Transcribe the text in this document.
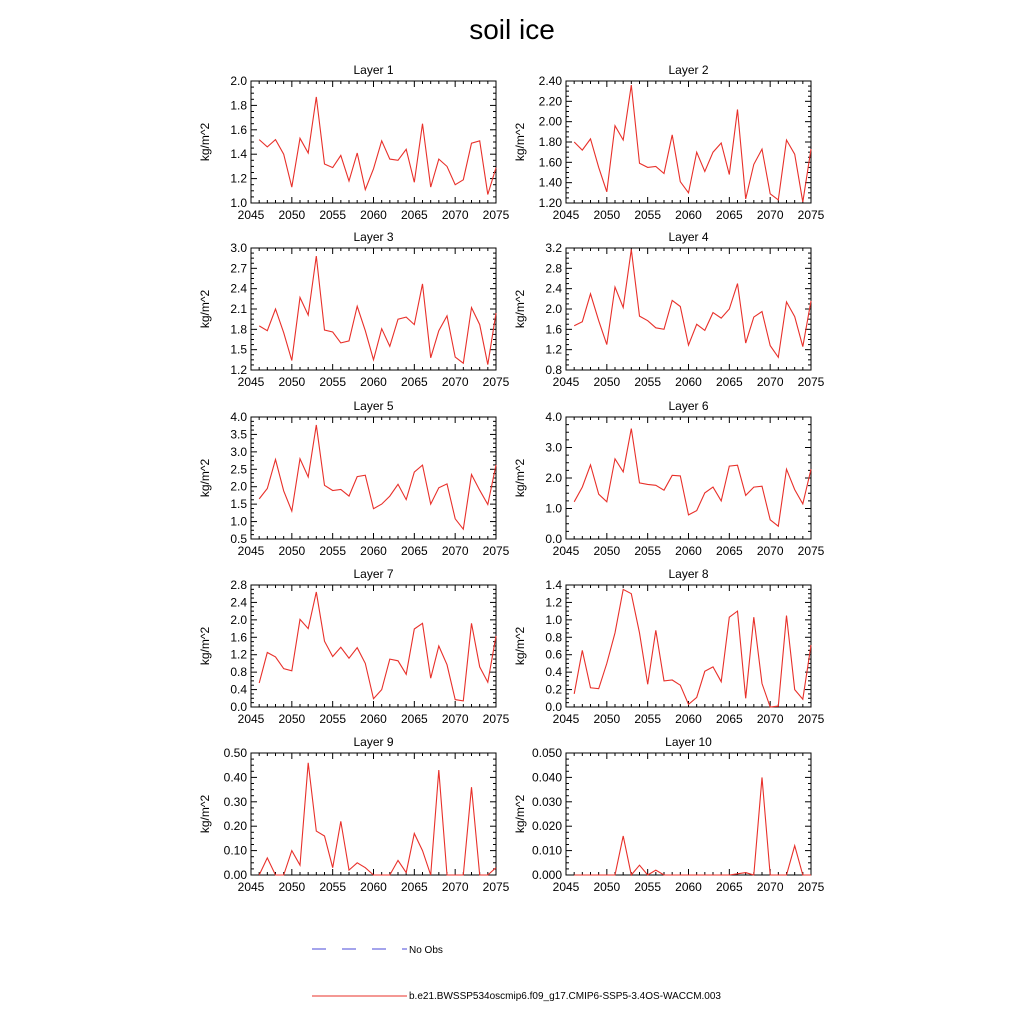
soil ice
2045 2050 2055 2060 2065 2070 2075
1.0
1.2
1.4
1.6
1.8
2.0
Layer 1
kg/m^2
2045 2050 2055 2060 2065 2070 2075
1.20
1.40
1.60
1.80
2.00
2.20
2.40
Layer 2
kg/m^2
2045 2050 2055 2060 2065 2070 2075
1.2
1.5
1.8
2.1
2.4
2.7
3.0
Layer 3
kg/m^2
2045 2050 2055 2060 2065 2070 2075
0.8
1.2
1.6
2.0
2.4
2.8
3.2
Layer 4
kg/m^2
2045 2050 2055 2060 2065 2070 2075
0.5
1.0
1.5
2.0
2.5
3.0
3.5
4.0
Layer 5
kg/m^2
2045 2050 2055 2060 2065 2070 2075
0.0
1.0
2.0
3.0
4.0
Layer 6
kg/m^2
2045 2050 2055 2060 2065 2070 2075
0.0
0.4
0.8
1.2
1.6
2.0
2.4
2.8
Layer 7
kg/m^2
2045 2050 2055 2060 2065 2070 2075
0.0
0.2
0.4
0.6
0.8
1.0
1.2
1.4
Layer 8
kg/m^2
2045 2050 2055 2060 2065 2070 2075
0.00
0.10
0.20
0.30
0.40
0.50
Layer 9
kg/m^2
2045 2050 2055 2060 2065 2070 2075
0.000
0.010
0.020
0.030
0.040
0.050
Layer 10
kg/m^2
No Obs
b.e21.BWSSP534oscmip6.f09_g17.CMIP6-SSP5-3.4OS-WACCM.003
